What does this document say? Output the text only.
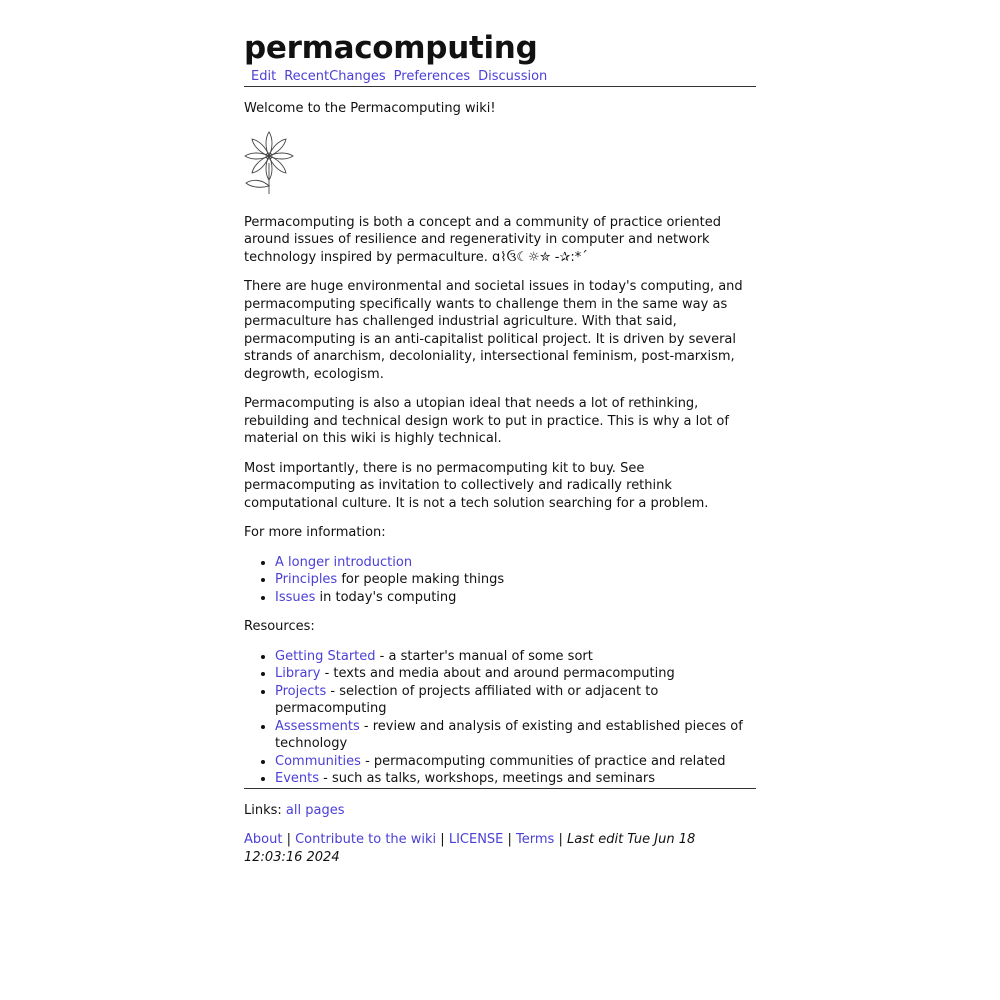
permacomputing
Edit RecentChanges Preferences Discussion

Welcome to the Permacomputing wiki!

Permacomputing is both a concept and a community of practice oriented around issues of resilience and regenerativity in computer and network technology inspired by permaculture. ɑ⌇ઉ☾☼✮ -✰:*´

There are huge environmental and societal issues in today's computing, and permacomputing specifically wants to challenge them in the same way as permaculture has challenged industrial agriculture. With that said, permacomputing is an anti-capitalist political project. It is driven by several strands of anarchism, decoloniality, intersectional feminism, post-marxism, degrowth, ecologism.

Permacomputing is also a utopian ideal that needs a lot of rethinking, rebuilding and technical design work to put in practice. This is why a lot of material on this wiki is highly technical.

Most importantly, there is no permacomputing kit to buy. See permacomputing as invitation to collectively and radically rethink computational culture. It is not a tech solution searching for a problem.

For more information:

• A longer introduction
• Principles for people making things
• Issues in today's computing

Resources:

• Getting Started - a starter's manual of some sort
• Library - texts and media about and around permacomputing
• Projects - selection of projects affiliated with or adjacent to permacomputing
• Assessments - review and analysis of existing and established pieces of technology
• Communities - permacomputing communities of practice and related
• Events - such as talks, workshops, meetings and seminars

Links: all pages

About | Contribute to the wiki | LICENSE | Terms | Last edit Tue Jun 18 12:03:16 2024
